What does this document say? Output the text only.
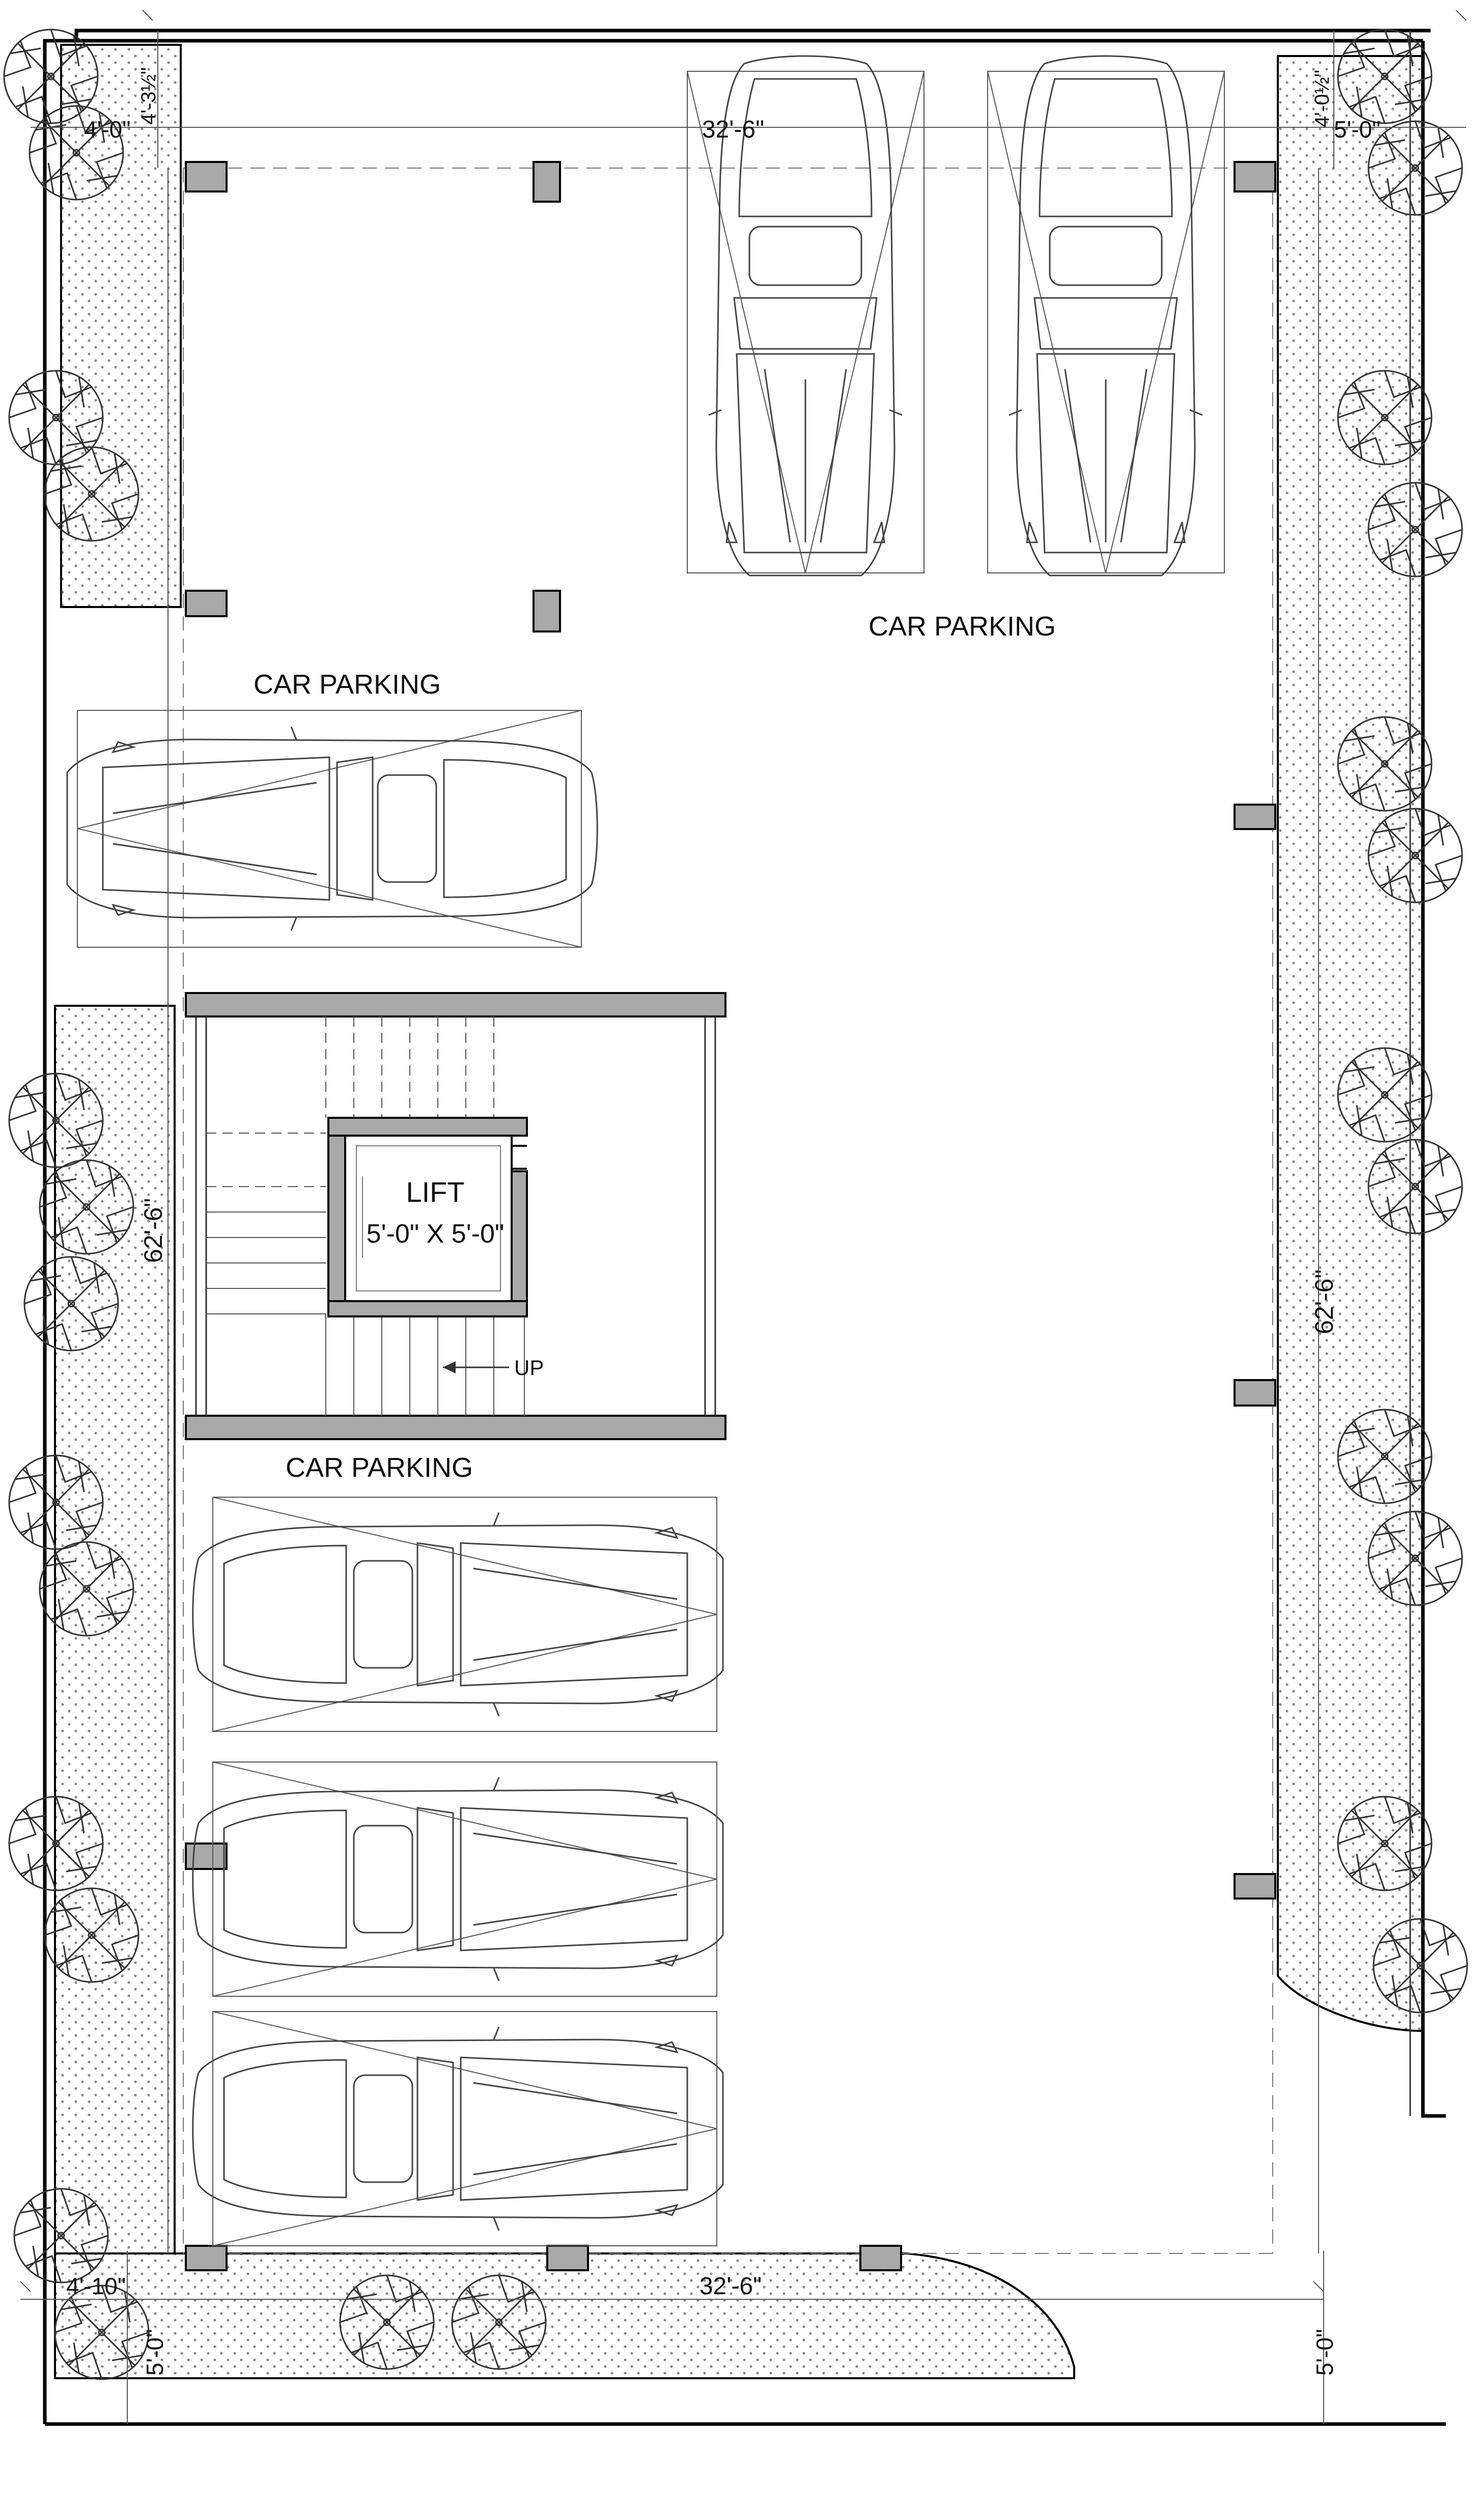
CAR PARKING
CAR PARKING
CAR PARKING
LIFT
5'-0" X 5'-0"
UP
4'-0"
4'-3½"
32'-6"
4'-0½"
5'-0"
62'-6"
62'-6"
4'-10"
5'-0"
32'-6"
5'-0"
